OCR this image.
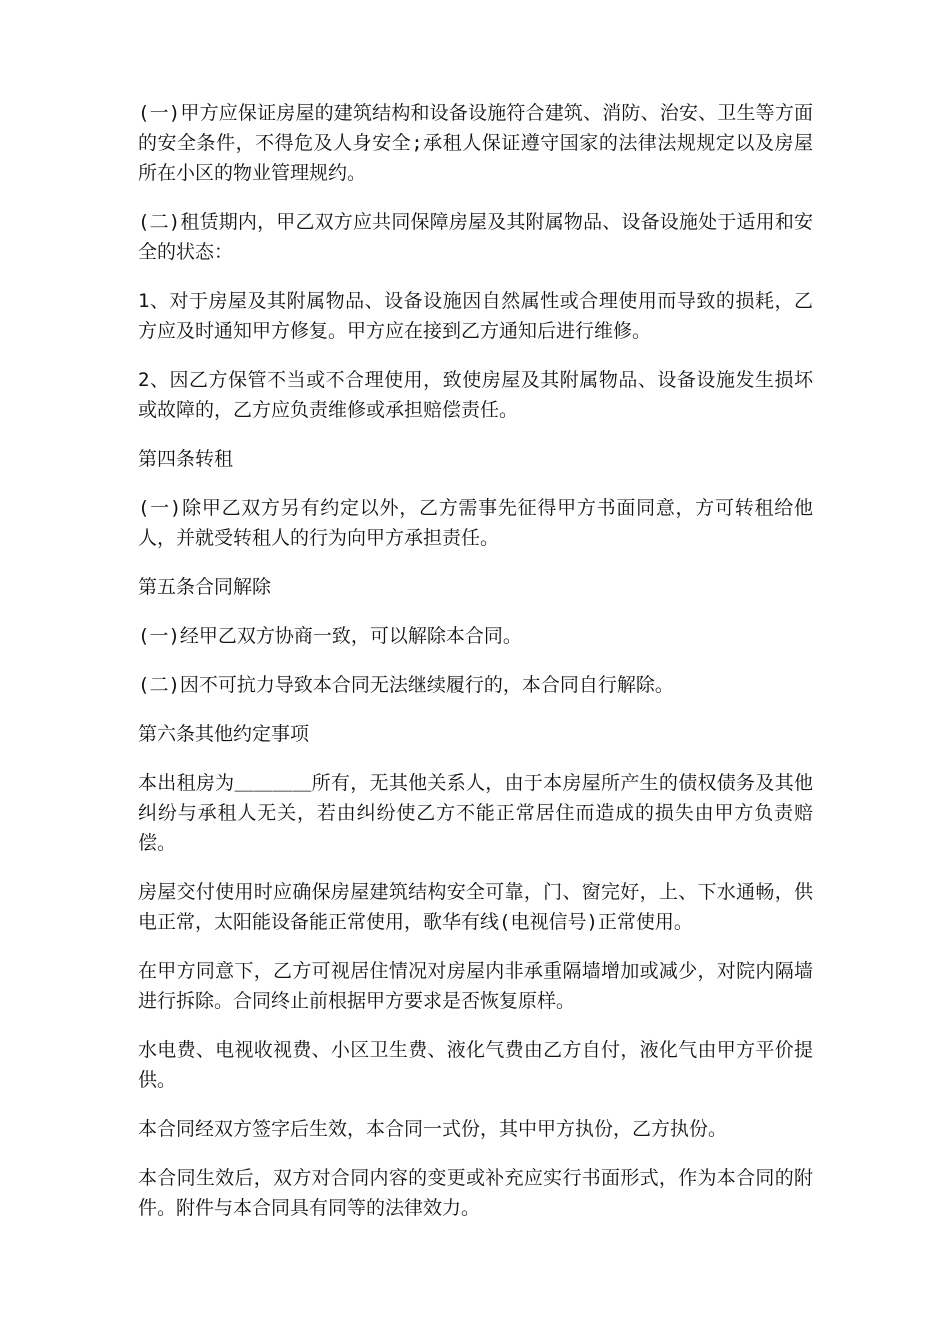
(一)甲方应保证房屋的建筑结构和设备设施符合建筑、消防、治安、卫生等方面的安全条件，不得危及人身安全;承租人保证遵守国家的法律法规规定以及房屋所在小区的物业管理规约。

(二)租赁期内，甲乙双方应共同保障房屋及其附属物品、设备设施处于适用和安全的状态：

1、对于房屋及其附属物品、设备设施因自然属性或合理使用而导致的损耗，乙方应及时通知甲方修复。甲方应在接到乙方通知后进行维修。

2、因乙方保管不当或不合理使用，致使房屋及其附属物品、设备设施发生损坏或故障的，乙方应负责维修或承担赔偿责任。

第四条转租

(一)除甲乙双方另有约定以外，乙方需事先征得甲方书面同意，方可转租给他人，并就受转租人的行为向甲方承担责任。

第五条合同解除

(一)经甲乙双方协商一致，可以解除本合同。

(二)因不可抗力导致本合同无法继续履行的，本合同自行解除。

第六条其他约定事项

本出租房为＿＿＿＿所有，无其他关系人，由于本房屋所产生的债权债务及其他纠纷与承租人无关，若由纠纷使乙方不能正常居住而造成的损失由甲方负责赔偿。

房屋交付使用时应确保房屋建筑结构安全可靠，门、窗完好，上、下水通畅，供电正常，太阳能设备能正常使用，歌华有线(电视信号)正常使用。

在甲方同意下，乙方可视居住情况对房屋内非承重隔墙增加或减少，对院内隔墙进行拆除。合同终止前根据甲方要求是否恢复原样。

水电费、电视收视费、小区卫生费、液化气费由乙方自付，液化气由甲方平价提供。

本合同经双方签字后生效，本合同一式份，其中甲方执份，乙方执份。

本合同生效后，双方对合同内容的变更或补充应实行书面形式，作为本合同的附件。附件与本合同具有同等的法律效力。
